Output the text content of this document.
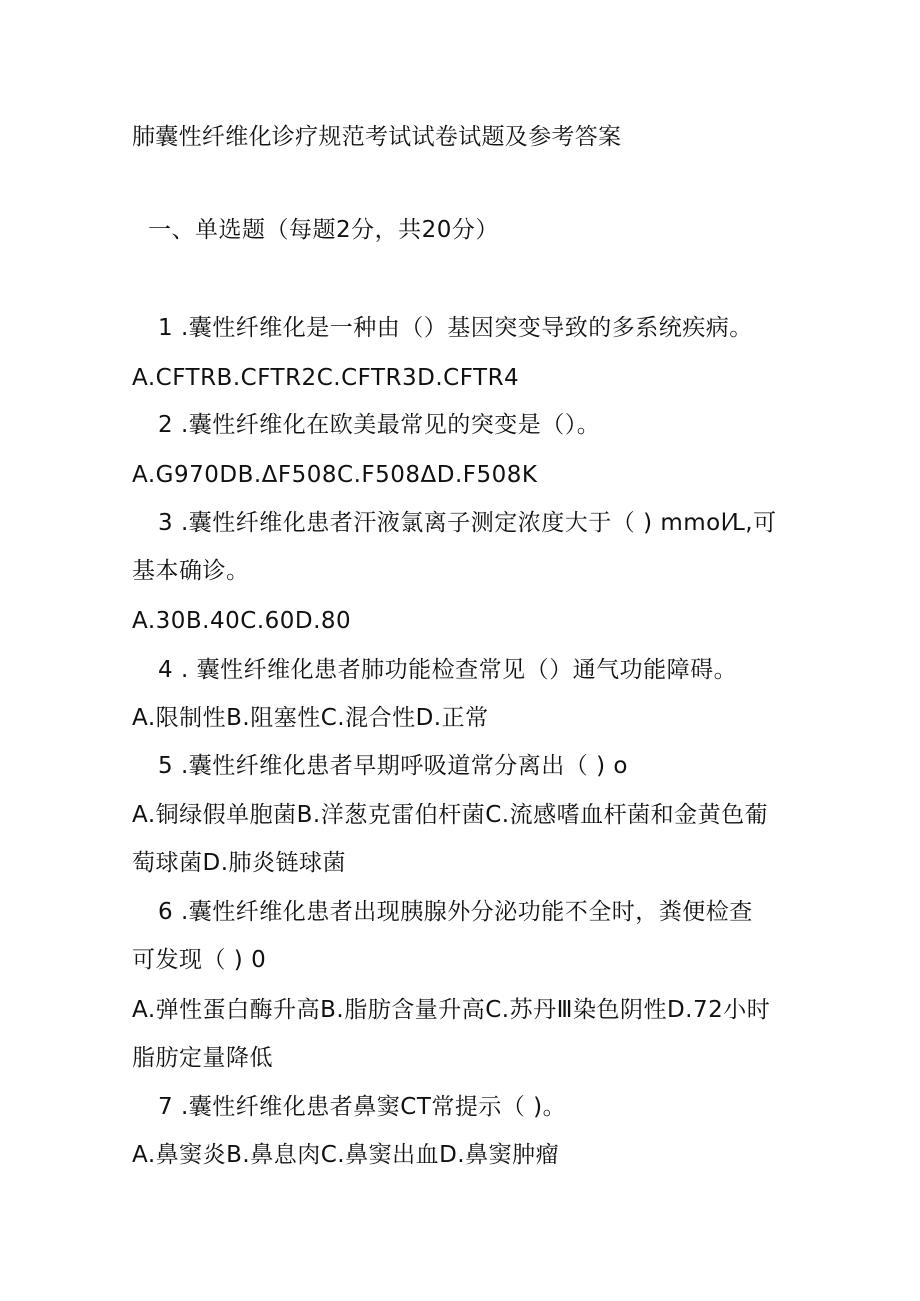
肺囊性纤维化诊疗规范考试试卷试题及参考答案
一、单选题（每题2分，共20分）
1 .囊性纤维化是一种由（）基因突变导致的多系统疾病。
A.CFTRB.CFTR2C.CFTR3D.CFTR4
2 .囊性纤维化在欧美最常见的突变是（）。
A.G970DB.ΔF508C.F508ΔD.F508K
3 .囊性纤维化患者汗液氯离子测定浓度大于（ ) mmol⁄L,可
基本确诊。
A.30B.40C.60D.80
4 . 囊性纤维化患者肺功能检查常见（）通气功能障碍。
A.限制性B.阻塞性C.混合性D.正常
5 .囊性纤维化患者早期呼吸道常分离出（ ) o
A.铜绿假单胞菌B.洋葱克雷伯杆菌C.流感嗜血杆菌和金黄色葡
萄球菌D.肺炎链球菌
6 .囊性纤维化患者出现胰腺外分泌功能不全时，粪便检查
可发现（ ) 0
A.弹性蛋白酶升高B.脂肪含量升高C.苏丹Ⅲ染色阴性D.72小时
脂肪定量降低
7 .囊性纤维化患者鼻窦CT常提示（ )。
A.鼻窦炎B.鼻息肉C.鼻窦出血D.鼻窦肿瘤
